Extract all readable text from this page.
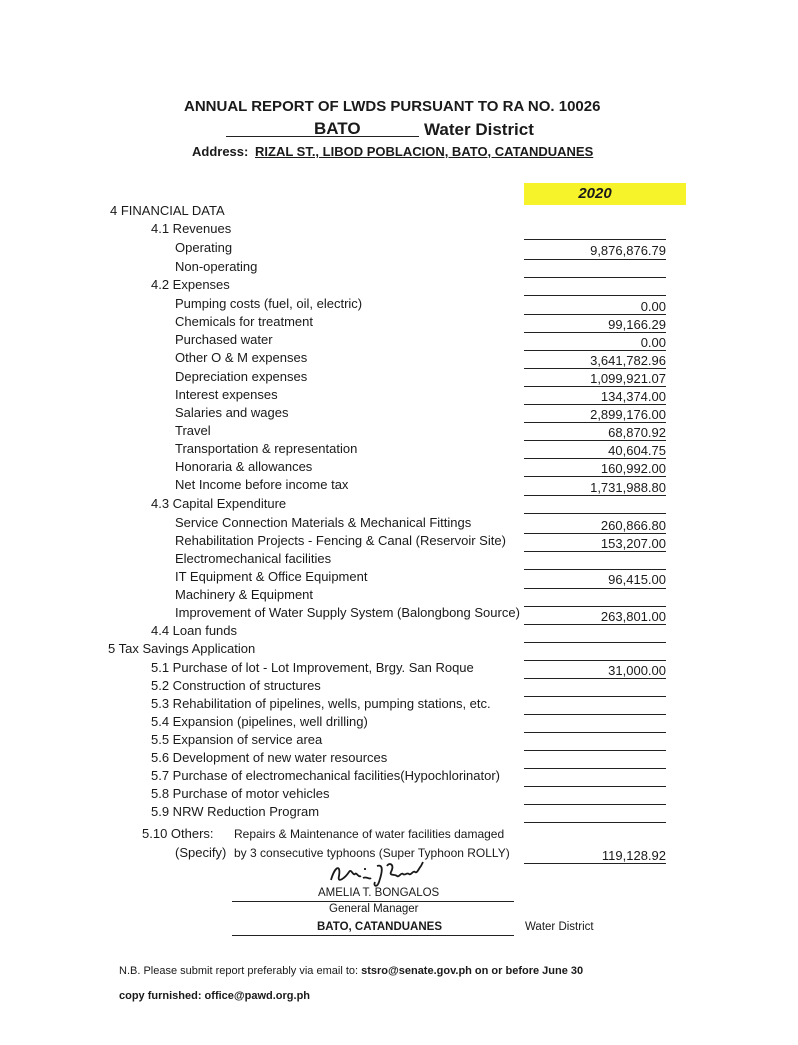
ANNUAL REPORT OF LWDS PURSUANT TO RA NO. 10026
BATO	Water District
Address: RIZAL ST., LIBOD POBLACION, BATO, CATANDUANES
2020
4 FINANCIAL DATA
4.1 Revenues
Operating	9,876,876.79
Non-operating
4.2 Expenses
Pumping costs (fuel, oil, electric)	0.00
Chemicals for treatment	99,166.29
Purchased water	0.00
Other O & M expenses	3,641,782.96
Depreciation expenses	1,099,921.07
Interest expenses	134,374.00
Salaries and wages	2,899,176.00
Travel	68,870.92
Transportation & representation	40,604.75
Honoraria & allowances	160,992.00
Net Income before income tax	1,731,988.80
4.3 Capital Expenditure
Service Connection Materials & Mechanical Fittings	260,866.80
Rehabilitation Projects - Fencing & Canal (Reservoir Site)	153,207.00
Electromechanical facilities
IT Equipment & Office Equipment	96,415.00
Machinery & Equipment
Improvement of Water Supply System (Balongbong Source)	263,801.00
4.4 Loan funds
5 Tax Savings Application
5.1 Purchase of lot - Lot Improvement, Brgy. San Roque	31,000.00
5.2 Construction of structures
5.3 Rehabilitation of pipelines, wells, pumping stations, etc.
5.4 Expansion (pipelines, well drilling)
5.5 Expansion of service area
5.6 Development of new water resources
5.7 Purchase of electromechanical facilities(Hypochlorinator)
5.8 Purchase of motor vehicles
5.9 NRW Reduction Program
5.10 Others: Repairs & Maintenance of water facilities damaged
(Specify) by 3 consecutive typhoons (Super Typhoon ROLLY)	119,128.92
AMELIA T. BONGALOS
General Manager
BATO, CATANDUANES	Water District
N.B. Please submit report preferably via email to: stsro@senate.gov.ph on or before June 30
copy furnished: office@pawd.org.ph
